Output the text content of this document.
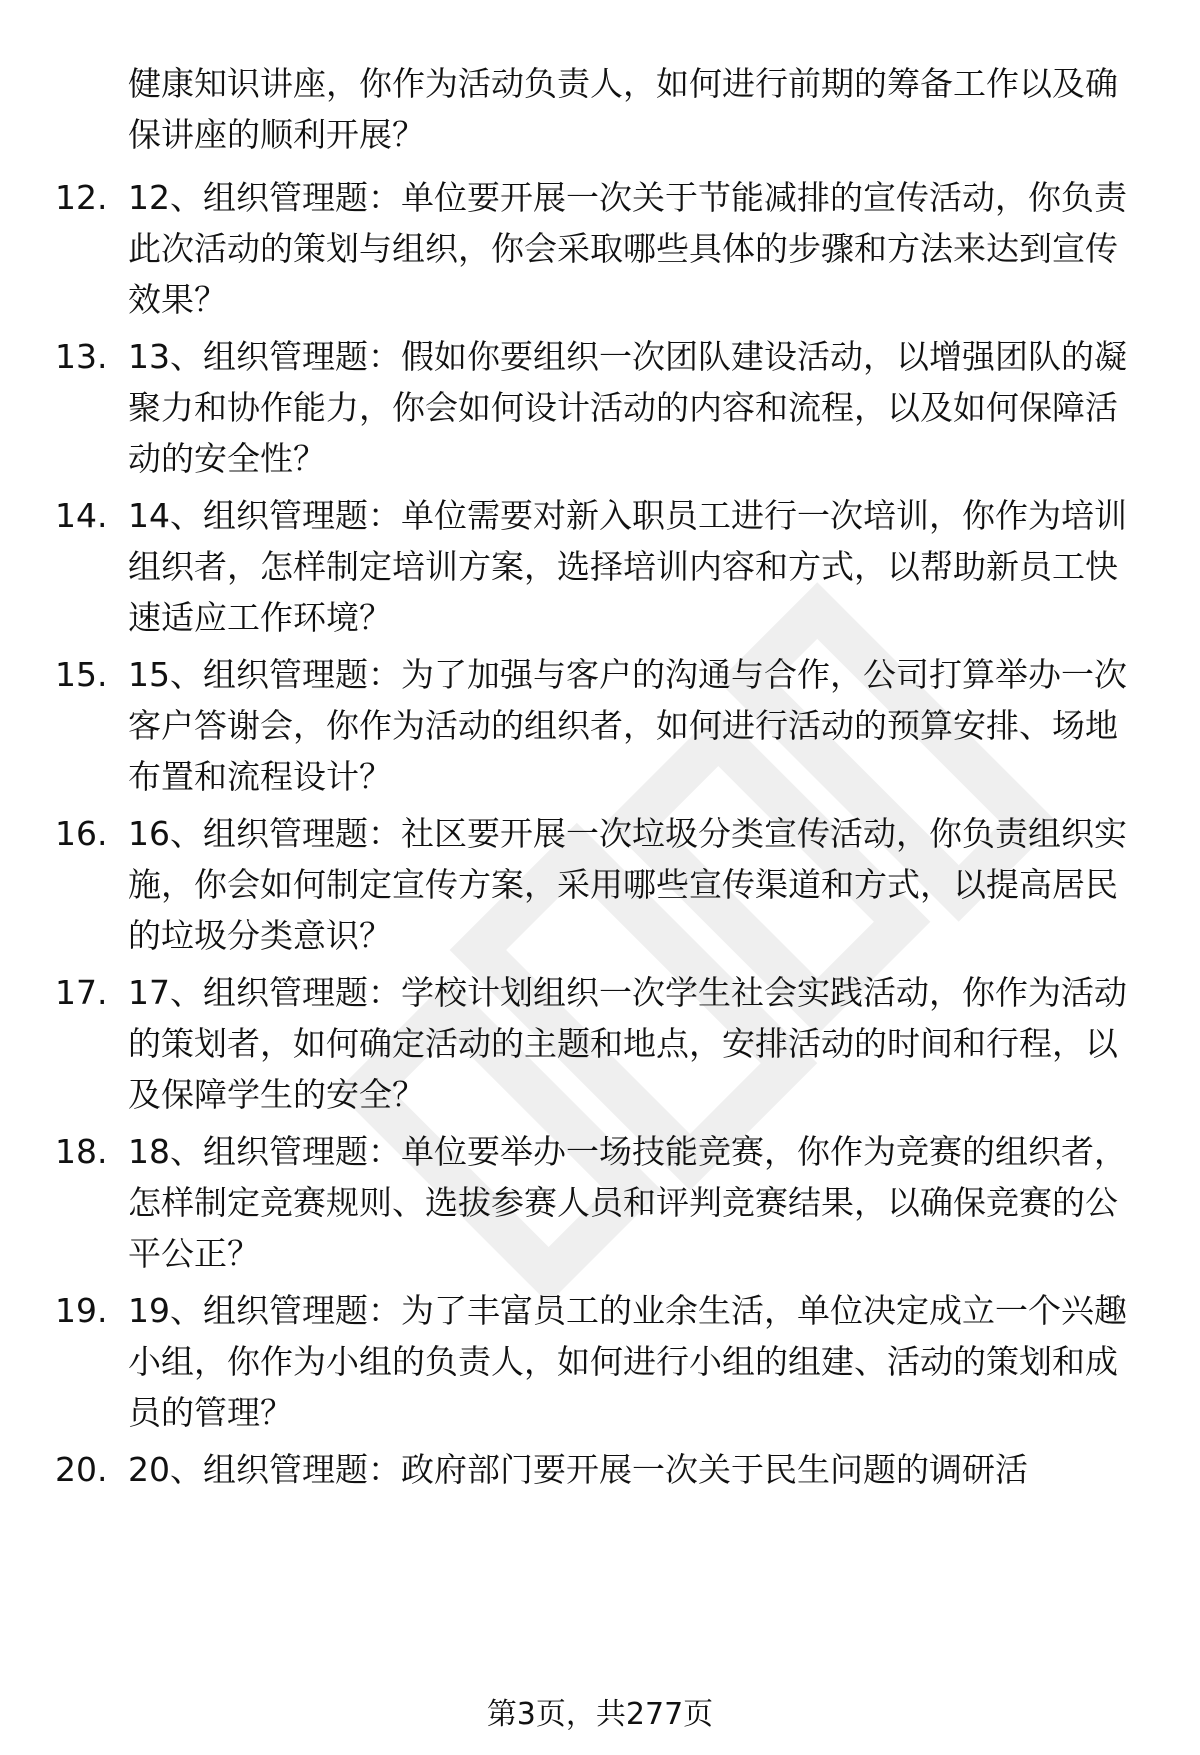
健康知识讲座，你作为活动负责人，如何进行前期的筹备工作以及确保讲座的顺利开展？
12. 12、组织管理题：单位要开展一次关于节能减排的宣传活动，你负责此次活动的策划与组织，你会采取哪些具体的步骤和方法来达到宣传效果？
13. 13、组织管理题：假如你要组织一次团队建设活动，以增强团队的凝聚力和协作能力，你会如何设计活动的内容和流程，以及如何保障活动的安全性？
14. 14、组织管理题：单位需要对新入职员工进行一次培训，你作为培训组织者，怎样制定培训方案，选择培训内容和方式，以帮助新员工快速适应工作环境？
15. 15、组织管理题：为了加强与客户的沟通与合作，公司打算举办一次客户答谢会，你作为活动的组织者，如何进行活动的预算安排、场地布置和流程设计？
16. 16、组织管理题：社区要开展一次垃圾分类宣传活动，你负责组织实施，你会如何制定宣传方案，采用哪些宣传渠道和方式，以提高居民的垃圾分类意识？
17. 17、组织管理题：学校计划组织一次学生社会实践活动，你作为活动的策划者，如何确定活动的主题和地点，安排活动的时间和行程，以及保障学生的安全？
18. 18、组织管理题：单位要举办一场技能竞赛，你作为竞赛的组织者，怎样制定竞赛规则、选拔参赛人员和评判竞赛结果，以确保竞赛的公平公正？
19. 19、组织管理题：为了丰富员工的业余生活，单位决定成立一个兴趣小组，你作为小组的负责人，如何进行小组的组建、活动的策划和成员的管理？
20. 20、组织管理题：政府部门要开展一次关于民生问题的调研活
第3页，共277页
